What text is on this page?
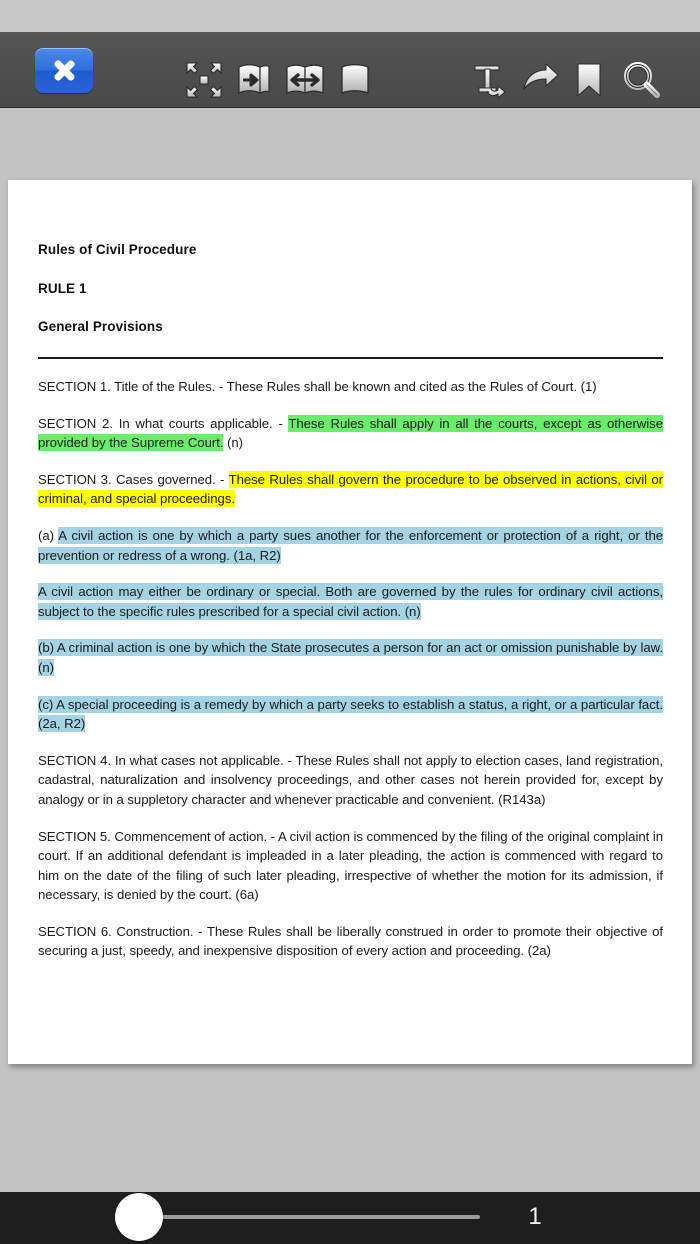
Rules of Civil Procedure
RULE 1
General Provisions
SECTION 1. Title of the Rules. - These Rules shall be known and cited as the Rules of Court. (1)
SECTION 2. In what courts applicable. - These Rules shall apply in all the courts, except as otherwise provided by the Supreme Court. (n)
SECTION 3. Cases governed. - These Rules shall govern the procedure to be observed in actions, civil or criminal, and special proceedings.
(a) A civil action is one by which a party sues another for the enforcement or protection of a right, or the prevention or redress of a wrong. (1a, R2)
A civil action may either be ordinary or special. Both are governed by the rules for ordinary civil actions, subject to the specific rules prescribed for a special civil action. (n)
(b) A criminal action is one by which the State prosecutes a person for an act or omission punishable by law. (n)
(c) A special proceeding is a remedy by which a party seeks to establish a status, a right, or a particular fact. (2a, R2)
SECTION 4. In what cases not applicable. - These Rules shall not apply to election cases, land registration, cadastral, naturalization and insolvency proceedings, and other cases not herein provided for, except by analogy or in a suppletory character and whenever practicable and convenient. (R143a)
SECTION 5. Commencement of action. - A civil action is commenced by the filing of the original complaint in court. If an additional defendant is impleaded in a later pleading, the action is commenced with regard to him on the date of the filing of such later pleading, irrespective of whether the motion for its admission, if necessary, is denied by the court. (6a)
SECTION 6. Construction. - These Rules shall be liberally construed in order to promote their objective of securing a just, speedy, and inexpensive disposition of every action and proceeding. (2a)
1
